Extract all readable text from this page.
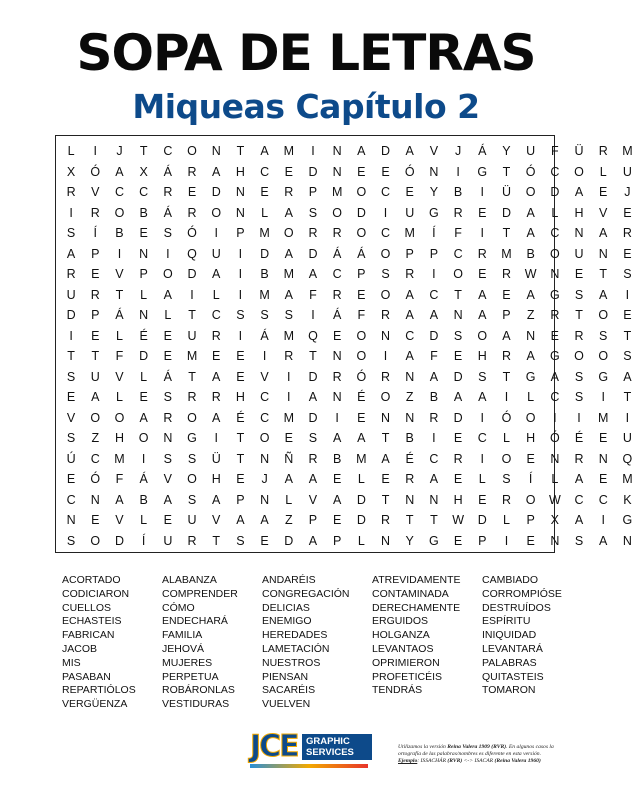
SOPA DE LETRAS
Miqueas Capítulo 2
L	I	J	T	C	O	N	T	A	M	I	N	A	D	A	V	J	Á	Y	U	F	Ü	R	M
X	Ó	A	X	Á	R	A	H	C	E	D	N	E	E	Ó	N	I	G	T	Ó	C	O	L	U
R	V	C	C	R	E	D	N	E	R	P	M	O	C	E	Y	B	I	Ü	O	D	A	E	J
I	R	O	B	Á	R	O	N	L	A	S	O	D	I	U	G	R	E	D	A	L	H	V	E
S	Í	B	E	S	Ó	I	P	M	O	R	R	O	C	M	Í	F	I	T	A	C	N	A	R
A	P	I	N	I	Q	U	I	D	A	D	Á	Á	O	P	P	C	R	M	B	O	U	N	E
R	E	V	P	O	D	A	I	B	M	A	C	P	S	R	I	O	E	R	W	N	E	T	S
U	R	T	L	A	I	L	I	M	A	F	R	E	O	A	C	T	A	E	A	G	S	A	I
D	P	Á	N	L	T	C	S	S	S	I	Á	F	R	A	A	N	A	P	Z	R	T	O	E
I	E	L	É	E	U	R	I	Á	M	Q	E	O	N	C	D	S	O	A	N	E	R	S	T
T	T	F	D	E	M	E	E	I	R	T	N	O	I	A	F	E	H	R	A	G	O	O	S
S	U	V	L	Á	T	A	E	V	I	D	R	Ó	R	N	A	D	S	T	G	A	S	G	A
E	A	L	E	S	R	R	H	C	I	A	N	É	O	Z	B	A	A	I	L	C	S	I	T
V	O	O	A	R	O	A	É	C	M	D	I	E	N	N	R	D	I	Ó	O	I	I	M	I
S	Z	H	O	N	G	I	T	O	E	S	A	A	T	B	I	E	C	L	H	Ó	É	E	U
Ú	C	M	I	S	S	Ü	T	N	Ñ	R	B	M	A	É	C	R	I	O	E	N	R	N	Q
E	Ó	F	Á	V	O	H	E	J	A	A	E	L	E	R	A	E	L	S	Í	L	A	E	M
C	N	A	B	A	S	A	P	N	L	V	A	D	T	N	N	H	E	R	O	W	C	C	K
N	E	V	L	E	U	V	A	A	Z	P	E	D	R	T	T	W	D	L	P	X	A	I	G
S	O	D	Í	U	R	T	S	E	D	A	P	L	N	Y	G	E	P	I	E	N	S	A	N
ACORTADO
CODICIARON
CUELLOS
ECHASTEIS
FABRICAN
JACOB
MIS
PASABAN
REPARTIÓLOS
VERGÜENZA
ALABANZA
COMPRENDER
CÓMO
ENDECHARÁ
FAMILIA
JEHOVÁ
MUJERES
PERPETUA
ROBÁRONLAS
VESTIDURAS
ANDARÉIS
CONGREGACIÓN
DELICIAS
ENEMIGO
HEREDADES
LAMETACIÓN
NUESTROS
PIENSAN
SACARÉIS
VUELVEN
ATREVIDAMENTE
CONTAMINADA
DERECHAMENTE
ERGUIDOS
HOLGANZA
LEVANTAOS
OPRIMIERON
PROFETICÉIS
TENDRÁS
CAMBIADO
CORROMPIÓSE
DESTRUÍDOS
ESPÍRITU
INIQUIDAD
LEVANTARÁ
PALABRAS
QUITASTEIS
TOMARON
JCE GRAPHIC
SERVICES	Utilizamos la versión Reina Valera 1909 (RVR). En algunos casos la ortografía de las palabras/nombres es diferente en esta versión. Ejemplo: ISSACHÁR (RVR) <-> ISACAR (Reina Valera 1960)
